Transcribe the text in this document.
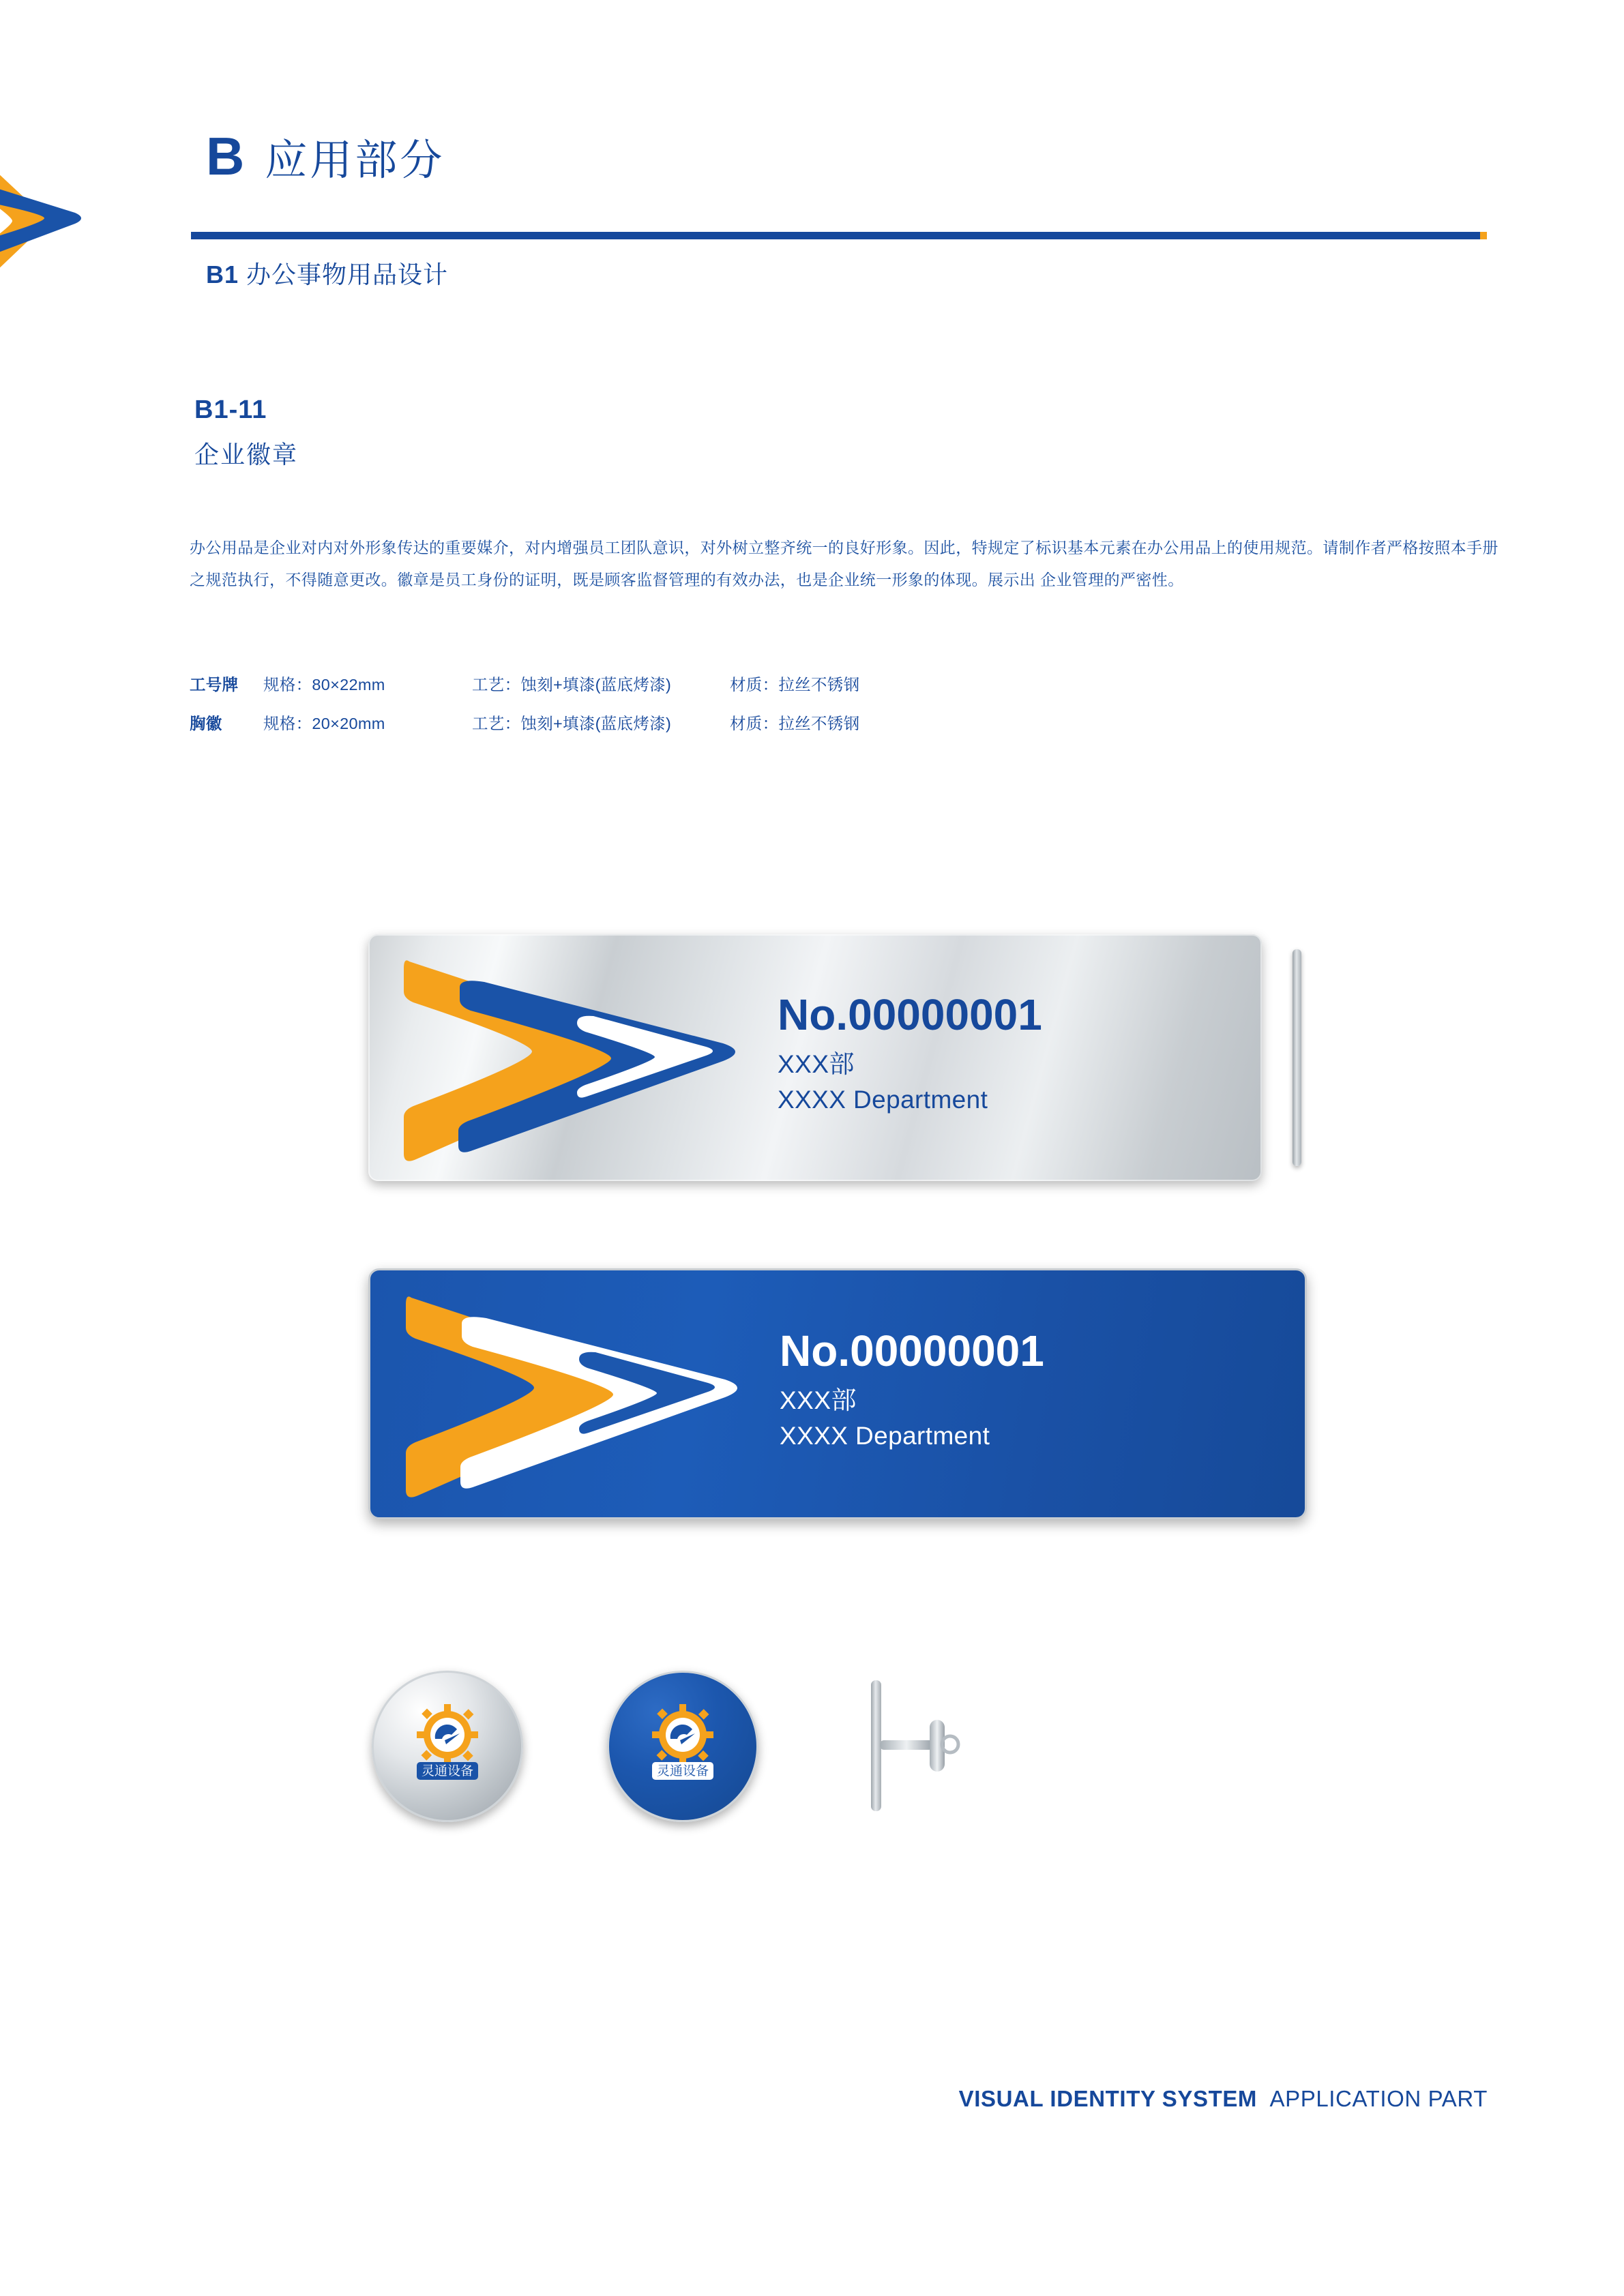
B 应用部分
B1 办公事物用品设计
B1-11
企业徽章
办公用品是企业对内对外形象传达的重要媒介，对内增强员工团队意识，对外树立整齐统一的良好形象。因此，特规定了标识基本元素在办公用品上的使用规范。请制作者严格按照本手册之规范执行，不得随意更改。徽章是员工身份的证明，既是顾客监督管理的有效办法，也是企业统一形象的体现。展示出 企业管理的严密性。
工号牌	规格：80×22mm	工艺：蚀刻+填漆(蓝底烤漆)	材质：拉丝不锈钢
胸徽	规格：20×20mm	工艺：蚀刻+填漆(蓝底烤漆)	材质：拉丝不锈钢
No.00000001
XXX部
XXXX Department
No.00000001
XXX部
XXXX Department
灵通设备	灵通设备
VISUAL IDENTITY SYSTEM APPLICATION PART
